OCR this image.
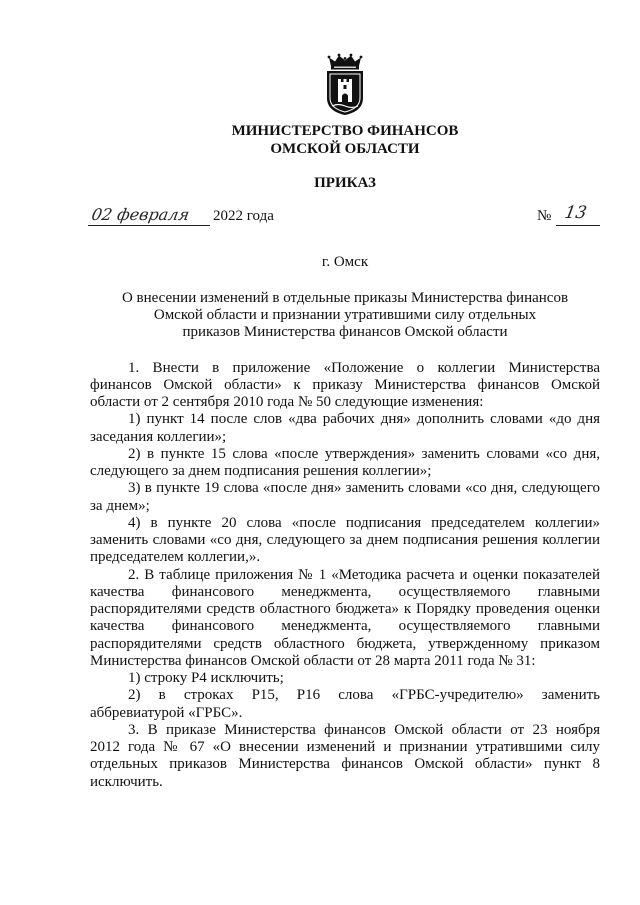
МИНИСТЕРСТВО ФИНАНСОВ
ОМСКОЙ ОБЛАСТИ
ПРИКАЗ
02 февраля 2022 года	№ 13
г. Омск
О внесении изменений в отдельные приказы Министерства финансов
Омской области и признании утратившими силу отдельных
приказов Министерства финансов Омской области
1. Внести в приложение «Положение о коллегии Министерства
финансов Омской области» к приказу Министерства финансов Омской
области от 2 сентября 2010 года № 50 следующие изменения:
1) пункт 14 после слов «два рабочих дня» дополнить словами «до дня
заседания коллегии»;
2) в пункте 15 слова «после утверждения» заменить словами «со дня,
следующего за днем подписания решения коллегии»;
3) в пункте 19 слова «после дня» заменить словами «со дня, следующего
за днем»;
4) в пункте 20 слова «после подписания председателем коллегии»
заменить словами «со дня, следующего за днем подписания решения коллегии
председателем коллегии,».
2. В таблице приложения № 1 «Методика расчета и оценки показателей
качества финансового менеджмента, осуществляемого главными
распорядителями средств областного бюджета» к Порядку проведения оценки
качества финансового менеджмента, осуществляемого главными
распорядителями средств областного бюджета, утвержденному приказом
Министерства финансов Омской области от 28 марта 2011 года № 31:
1) строку Р4 исключить;
2) в строках Р15, Р16 слова «ГРБС-учредителю» заменить
аббревиатурой «ГРБС».
3. В приказе Министерства финансов Омской области от 23 ноября
2012 года № 67 «О внесении изменений и признании утратившими силу
отдельных приказов Министерства финансов Омской области» пункт 8
исключить.
